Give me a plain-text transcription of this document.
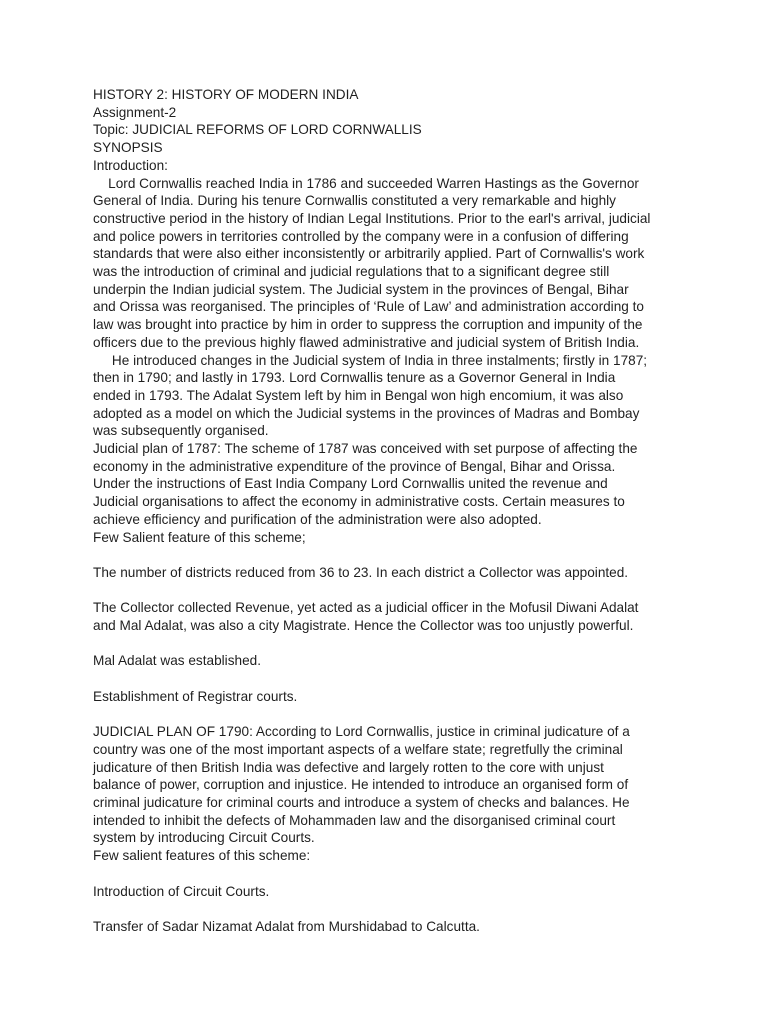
HISTORY 2: HISTORY OF MODERN INDIA

Assignment-2

Topic: JUDICIAL REFORMS OF LORD CORNWALLIS

SYNOPSIS

Introduction:

Lord Cornwallis reached India in 1786 and succeeded Warren Hastings as the Governor
General of India. During his tenure Cornwallis constituted a very remarkable and highly
constructive period in the history of Indian Legal Institutions. Prior to the earl's arrival, judicial
and police powers in territories controlled by the company were in a confusion of differing
standards that were also either inconsistently or arbitrarily applied. Part of Cornwallis's work
was the introduction of criminal and judicial regulations that to a significant degree still
underpin the Indian judicial system. The Judicial system in the provinces of Bengal, Bihar
and Orissa was reorganised. The principles of ‘Rule of Law’ and administration according to
law was brought into practice by him in order to suppress the corruption and impunity of the
officers due to the previous highly flawed administrative and judicial system of British India.
He introduced changes in the Judicial system of India in three instalments; firstly in 1787;
then in 1790; and lastly in 1793. Lord Cornwallis tenure as a Governor General in India
ended in 1793. The Adalat System left by him in Bengal won high encomium, it was also
adopted as a model on which the Judicial systems in the provinces of Madras and Bombay
was subsequently organised.
Judicial plan of 1787: The scheme of 1787 was conceived with set purpose of affecting the
economy in the administrative expenditure of the province of Bengal, Bihar and Orissa.
Under the instructions of East India Company Lord Cornwallis united the revenue and
Judicial organisations to affect the economy in administrative costs. Certain measures to
achieve efficiency and purification of the administration were also adopted.
Few Salient feature of this scheme;
The number of districts reduced from 36 to 23. In each district a Collector was appointed.
The Collector collected Revenue, yet acted as a judicial officer in the Mofusil Diwani Adalat
and Mal Adalat, was also a city Magistrate. Hence the Collector was too unjustly powerful.
Mal Adalat was established.
Establishment of Registrar courts.
JUDICIAL PLAN OF 1790: According to Lord Cornwallis, justice in criminal judicature of a
country was one of the most important aspects of a welfare state; regretfully the criminal
judicature of then British India was defective and largely rotten to the core with unjust
balance of power, corruption and injustice. He intended to introduce an organised form of
criminal judicature for criminal courts and introduce a system of checks and balances. He
intended to inhibit the defects of Mohammaden law and the disorganised criminal court
system by introducing Circuit Courts.
Few salient features of this scheme:
Introduction of Circuit Courts.
Transfer of Sadar Nizamat Adalat from Murshidabad to Calcutta.
